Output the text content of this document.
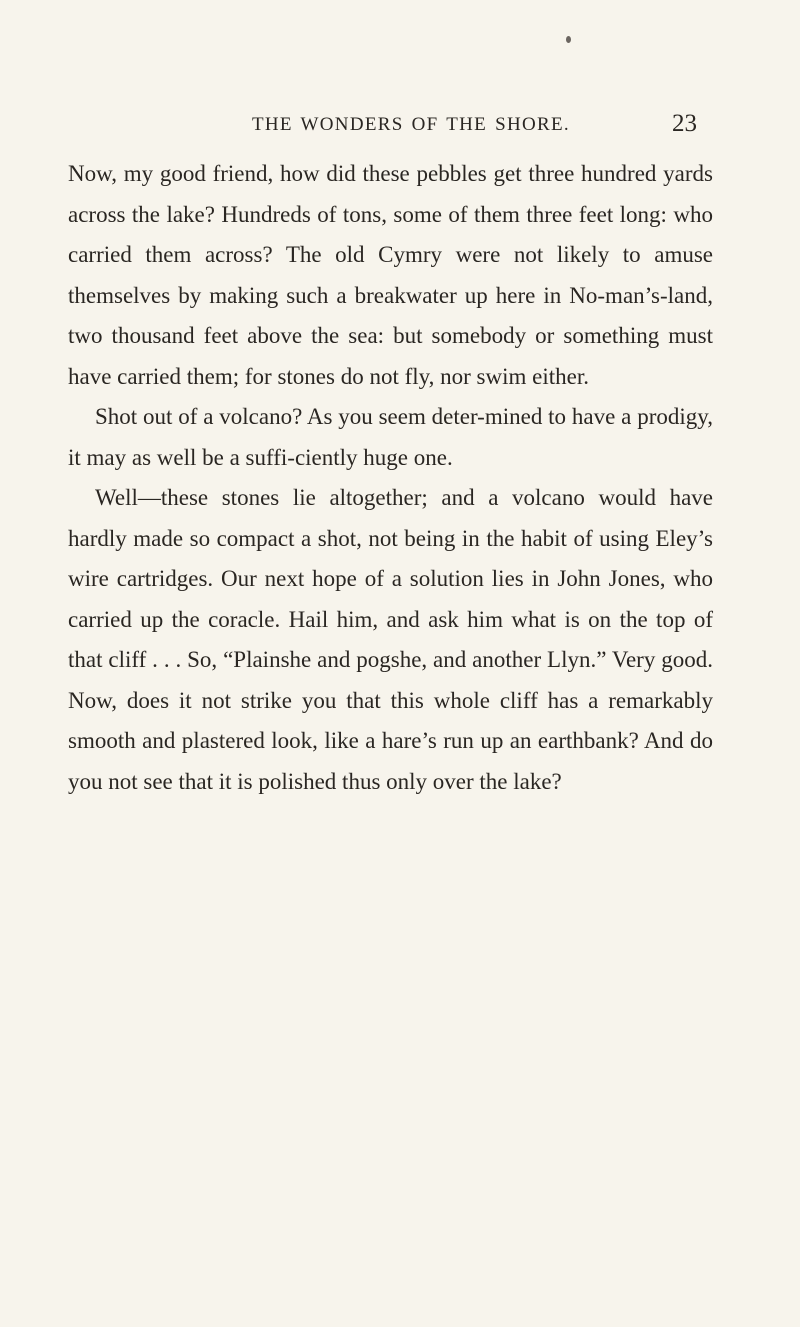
THE WONDERS OF THE SHORE.	23

Now, my good friend, how did these pebbles get three hundred yards across the lake? Hundreds of tons, some of them three feet long: who carried them across? The old Cymry were not likely to amuse themselves by making such a breakwater up here in No-man’s-land, two thousand feet above the sea: but somebody or something must have carried them; for stones do not fly, nor swim either.

Shot out of a volcano? As you seem deter-mined to have a prodigy, it may as well be a suffi-ciently huge one.

Well—these stones lie altogether; and a volcano would have hardly made so compact a shot, not being in the habit of using Eley’s wire cartridges. Our next hope of a solution lies in John Jones, who carried up the coracle. Hail him, and ask him what is on the top of that cliff . . . So, “Plainshe and pogshe, and another Llyn.” Very good. Now, does it not strike you that this whole cliff has a remarkably smooth and plastered look, like a hare’s run up an earthbank? And do you not see that it is polished thus only over the lake?
